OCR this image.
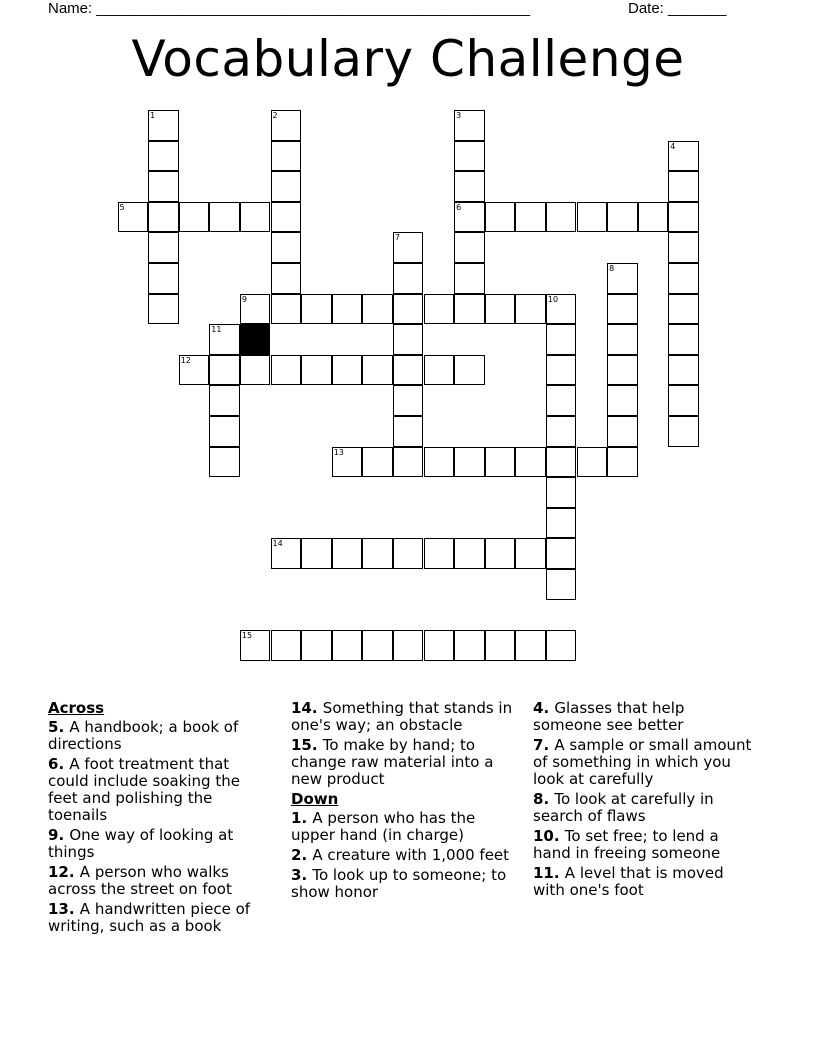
Name: ____________________________________________________	Date: _______
Vocabulary Challenge
5	6
9	10
12
13
14
15
1	2	3
4
7
8
11
Across
5. A handbook; a book of directions
6. A foot treatment that could include soaking the feet and polishing the toenails
9. One way of looking at things
12. A person who walks across the street on foot
13. A handwritten piece of writing, such as a book
14. Something that stands in one's way; an obstacle
15. To make by hand; to change raw material into a new product
Down
1. A person who has the upper hand (in charge)
2. A creature with 1,000 feet
3. To look up to someone; to show honor
4. Glasses that help someone see better
7. A sample or small amount of something in which you look at carefully
8. To look at carefully in search of flaws
10. To set free; to lend a hand in freeing someone
11. A level that is moved with one's foot
